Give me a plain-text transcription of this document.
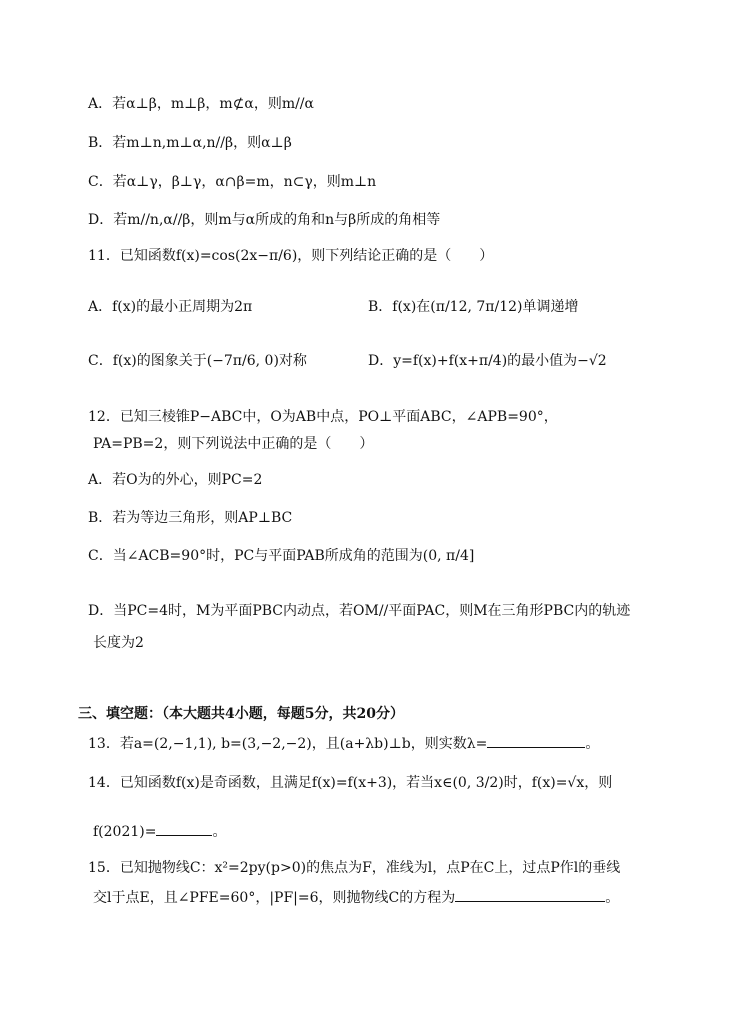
A．若α⊥β，m⊥β，m⊄α，则m//α
B．若m⊥n,m⊥α,n//β，则α⊥β
C．若α⊥γ，β⊥γ，α∩β=m，n⊂γ，则m⊥n
D．若m//n,α//β，则m与α所成的角和n与β所成的角相等
11．已知函数f(x)=cos(2x−π/6)，则下列结论正确的是（　　）
A．f(x)的最小正周期为2π	B．f(x)在(π/12, 7π/12)单调递增
C．f(x)的图象关于(−7π/6, 0)对称	D．y=f(x)+f(x+π/4)的最小值为−√2
12．已知三棱锥P−ABC中，O为AB中点，PO⊥平面ABC，∠APB=90°，
PA=PB=2，则下列说法中正确的是（　　）
A．若O为的外心，则PC=2
B．若为等边三角形，则AP⊥BC
C．当∠ACB=90°时，PC与平面PAB所成角的范围为(0, π/4]
D．当PC=4时，M为平面PBC内动点，若OM//平面PAC，则M在三角形PBC内的轨迹
长度为2
三、填空题：（本大题共4小题，每题5分，共20分）
13．若a=(2,−1,1), b=(3,−2,−2)，且(a+λb)⊥b，则实数λ=	。
14．已知函数f(x)是奇函数，且满足f(x)=f(x+3)，若当x∈(0, 3/2)时，f(x)=√x，则
f(2021)=	。
15．已知抛物线C：x²=2py(p>0)的焦点为F，准线为l，点P在C上，过点P作l的垂线
交l于点E，且∠PFE=60°，|PF|=6，则抛物线C的方程为	。
